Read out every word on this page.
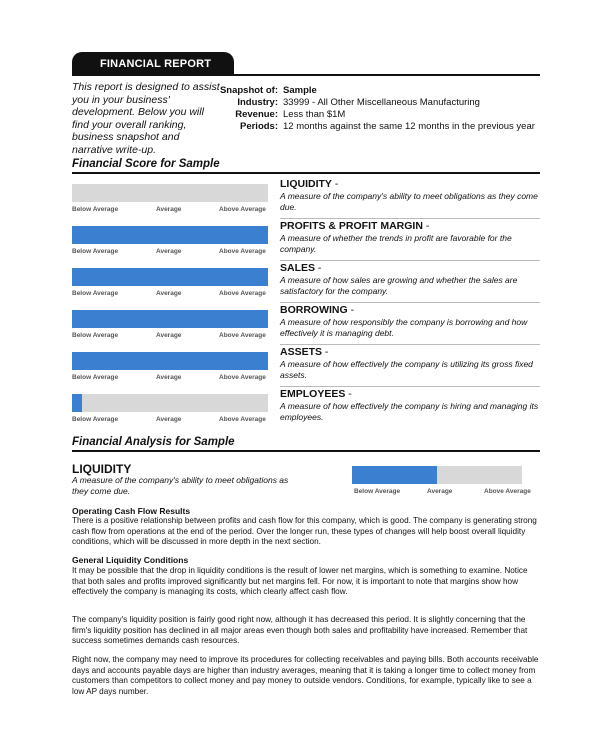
FINANCIAL REPORT
This report is designed to assist you in your business' development. Below you will find your overall ranking, business snapshot and narrative write-up.
Snapshot of: Sample
Industry: 33999 - All Other Miscellaneous Manufacturing
Revenue: Less than $1M
Periods: 12 months against the same 12 months in the previous year
Financial Score for Sample
Below Average	Average	Above Average
LIQUIDITY -
A measure of the company's ability to meet obligations as they come due.
Below Average	Average	Above Average
PROFITS & PROFIT MARGIN -
A measure of whether the trends in profit are favorable for the company.
Below Average	Average	Above Average
SALES -
A measure of how sales are growing and whether the sales are satisfactory for the company.
Below Average	Average	Above Average
BORROWING -
A measure of how responsibly the company is borrowing and how effectively it is managing debt.
Below Average	Average	Above Average
ASSETS -
A measure of how effectively the company is utilizing its gross fixed assets.
Below Average	Average	Above Average
EMPLOYEES -
A measure of how effectively the company is hiring and managing its employees.
Financial Analysis for Sample
LIQUIDITY
A measure of the company's ability to meet obligations as they come due.	Below Average	Average	Above Average
Operating Cash Flow Results
There is a positive relationship between profits and cash flow for this company, which is good. The company is generating strong cash flow from operations at the end of the period. Over the longer run, these types of changes will help boost overall liquidity conditions, which will be discussed in more depth in the next section.
General Liquidity Conditions
It may be possible that the drop in liquidity conditions is the result of lower net margins, which is something to examine. Notice that both sales and profits improved significantly but net margins fell. For now, it is important to note that margins show how effectively the company is managing its costs, which clearly affect cash flow.
The company's liquidity position is fairly good right now, although it has decreased this period. It is slightly concerning that the firm's liquidity position has declined in all major areas even though both sales and profitability have increased. Remember that success sometimes demands cash resources.
Right now, the company may need to improve its procedures for collecting receivables and paying bills. Both accounts receivable days and accounts payable days are higher than industry averages, meaning that it is taking a longer time to collect money from customers than competitors to collect money and pay money to outside vendors. Conditions, for example, typically like to see a low AP days number.
